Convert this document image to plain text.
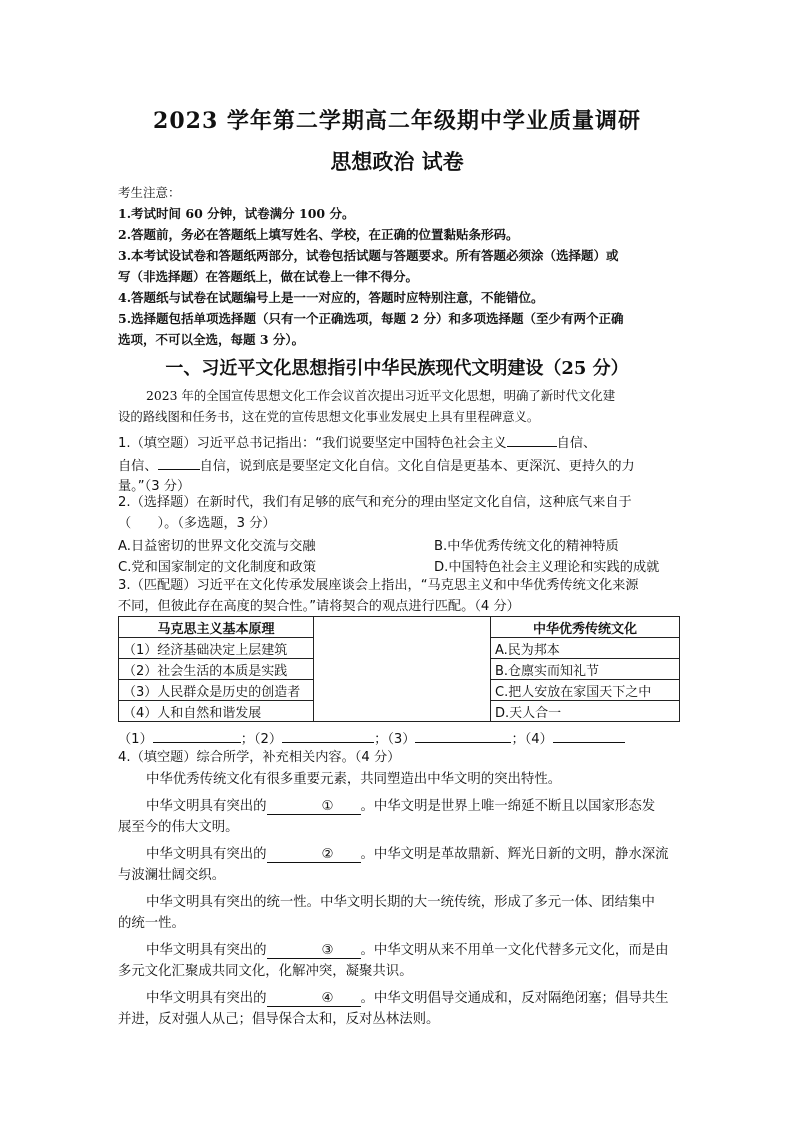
2023 学年第二学期高二年级期中学业质量调研
思想政治 试卷
考生注意：
1.考试时间 60 分钟，试卷满分 100 分。
2.答题前，务必在答题纸上填写姓名、学校，在正确的位置黏贴条形码。
3.本考试设试卷和答题纸两部分，试卷包括试题与答题要求。所有答题必须涂（选择题）或
写（非选择题）在答题纸上，做在试卷上一律不得分。
4.答题纸与试卷在试题编号上是一一对应的，答题时应特别注意，不能错位。
5.选择题包括单项选择题（只有一个正确选项，每题 2 分）和多项选择题（至少有两个正确
选项，不可以全选，每题 3 分）。
一、习近平文化思想指引中华民族现代文明建设（25 分）
2023 年的全国宣传思想文化工作会议首次提出习近平文化思想，明确了新时代文化建
设的路线图和任务书，这在党的宣传思想文化事业发展史上具有里程碑意义。
1.（填空题）习近平总书记指出：“我们说要坚定中国特色社会主义	自信、
自信、	自信，说到底是要坚定文化自信。文化自信是更基本、更深沉、更持久的力
量。”（3 分）
2.（选择题）在新时代，我们有足够的底气和充分的理由坚定文化自信，这种底气来自于
（　　）。（多选题，3 分）
A.日益密切的世界文化交流与交融	B.中华优秀传统文化的精神特质
C.党和国家制定的文化制度和政策	D.中国特色社会主义理论和实践的成就
3.（匹配题）习近平在文化传承发展座谈会上指出，“马克思主义和中华优秀传统文化来源
不同，但彼此存在高度的契合性。”请将契合的观点进行匹配。（4 分）
马克思主义基本原理		中华优秀传统文化
（1）经济基础决定上层建筑		A.民为邦本
（2）社会生活的本质是实践		B.仓廪实而知礼节
（3）人民群众是历史的创造者		C.把人安放在家国天下之中
（4）人和自然和谐发展		D.天人合一
（1）	；（2）	；（3）	；（4）
4.（填空题）综合所学，补充相关内容。（4 分）
中华优秀传统文化有很多重要元素，共同塑造出中华文明的突出特性。
中华文明具有突出的	① 。中华文明是世界上唯一绵延不断且以国家形态发
展至今的伟大文明。
中华文明具有突出的	② 。中华文明是革故鼎新、辉光日新的文明，静水深流
与波澜壮阔交织。
中华文明具有突出的统一性。中华文明长期的大一统传统，形成了多元一体、团结集中
的统一性。
中华文明具有突出的	③ 。中华文明从来不用单一文化代替多元文化，而是由
多元文化汇聚成共同文化，化解冲突，凝聚共识。
中华文明具有突出的	④ 。中华文明倡导交通成和，反对隔绝闭塞；倡导共生
并进，反对强人从己；倡导保合太和，反对丛林法则。
